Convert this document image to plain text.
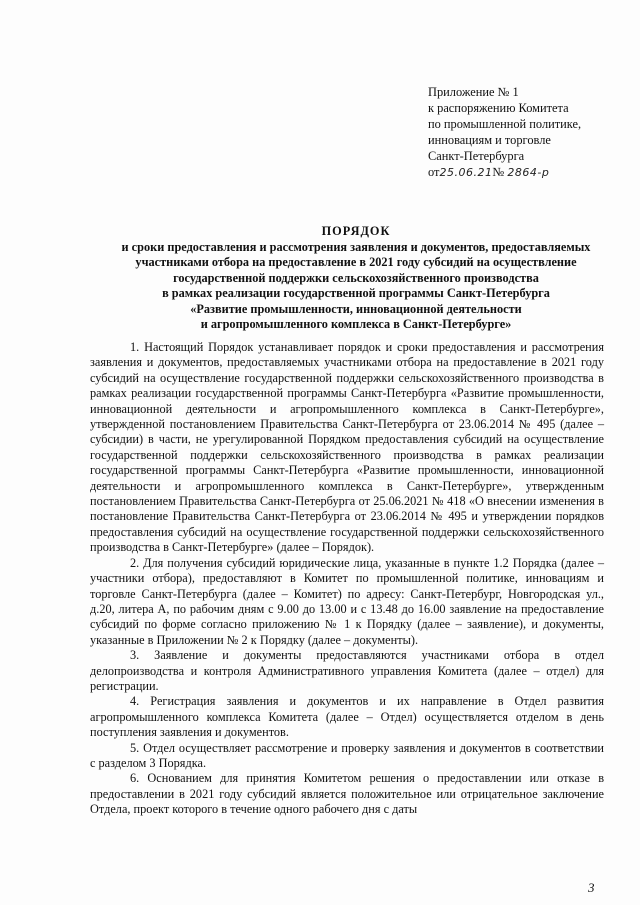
Приложение № 1
к распоряжению Комитета
по промышленной политике,
инновациям и торговле
Санкт-Петербурга
от25.06.21№ 2864-р
ПОРЯДОК
и сроки предоставления и рассмотрения заявления и документов, предоставляемых
участниками отбора на предоставление в 2021 году субсидий на осуществление
государственной поддержки сельскохозяйственного производства
в рамках реализации государственной программы Санкт-Петербурга
«Развитие промышленности, инновационной деятельности
и агропромышленного комплекса в Санкт-Петербурге»

1. Настоящий Порядок устанавливает порядок и сроки предоставления и рассмотрения заявления и документов, предоставляемых участниками отбора на предоставление в 2021 году субсидий на осуществление государственной поддержки сельскохозяйственного производства в рамках реализации государственной программы Санкт-Петербурга «Развитие промышленности, инновационной деятельности и агропромышленного комплекса в Санкт-Петербурге», утвержденной постановлением Правительства Санкт-Петербурга от 23.06.2014 № 495 (далее – субсидии) в части, не урегулированной Порядком предоставления субсидий на осуществление государственной поддержки сельскохозяйственного производства в рамках реализации государственной программы Санкт-Петербурга «Развитие промышленности, инновационной деятельности и агропромышленного комплекса в Санкт-Петербурге», утвержденным постановлением Правительства Санкт-Петербурга от 25.06.2021 № 418 «О внесении изменения в постановление Правительства Санкт-Петербурга от 23.06.2014 № 495 и утверждении порядков предоставления субсидий на осуществление государственной поддержки сельскохозяйственного производства в Санкт-Петербурге» (далее – Порядок).

2. Для получения субсидий юридические лица, указанные в пункте 1.2 Порядка (далее – участники отбора), предоставляют в Комитет по промышленной политике, инновациям и торговле Санкт-Петербурга (далее – Комитет) по адресу: Санкт-Петербург, Новгородская ул., д.20, литера А, по рабочим дням с 9.00 до 13.00 и с 13.48 до 16.00 заявление на предоставление субсидий по форме согласно приложению № 1 к Порядку (далее – заявление), и документы, указанные в Приложении № 2 к Порядку (далее – документы).

3. Заявление и документы предоставляются участниками отбора в отдел делопроизводства и контроля Административного управления Комитета (далее – отдел) для регистрации.

4. Регистрация заявления и документов и их направление в Отдел развития агропромышленного комплекса Комитета (далее – Отдел) осуществляется отделом в день поступления заявления и документов.

5. Отдел осуществляет рассмотрение и проверку заявления и документов в соответствии с разделом 3 Порядка.

6. Основанием для принятия Комитетом решения о предоставлении или отказе в предоставлении в 2021 году субсидий является положительное или отрицательное заключение Отдела, проект которого в течение одного рабочего дня с даты

3
